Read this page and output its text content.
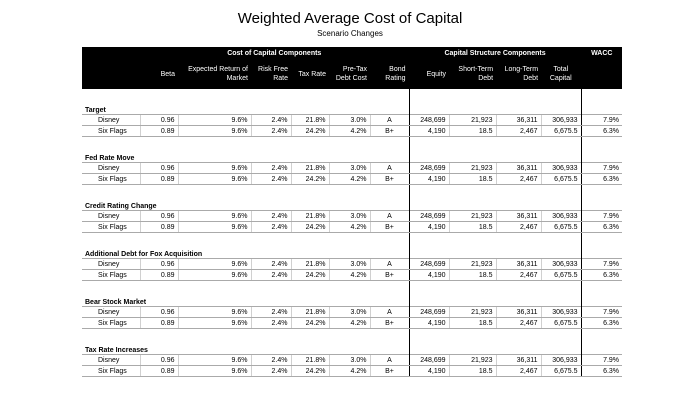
Weighted Average Cost of Capital
Scenario Changes
	Cost of Capital Components						Capital Structure Components				WACC
	Beta	Expected Return of Market	Risk Free Rate	Tax Rate	Pre-Tax Debt Cost	Bond Rating	Equity	Short-Term Debt	Long-Term Debt	Total Capital	

Target											
Disney	0.96	9.6%	2.4%	21.8%	3.0%	A	248,699	21,923	36,311	306,933	7.9%
Six Flags	0.89	9.6%	2.4%	24.2%	4.2%	B+	4,190	18.5	2,467	6,675.5	6.3%

Fed Rate Move											
Disney	0.96	9.6%	2.4%	21.8%	3.0%	A	248,699	21,923	36,311	306,933	7.9%
Six Flags	0.89	9.6%	2.4%	24.2%	4.2%	B+	4,190	18.5	2,467	6,675.5	6.3%

Credit Rating Change											
Disney	0.96	9.6%	2.4%	21.8%	3.0%	A	248,699	21,923	36,311	306,933	7.9%
Six Flags	0.89	9.6%	2.4%	24.2%	4.2%	B+	4,190	18.5	2,467	6,675.5	6.3%

Additional Debt for Fox Acquisition											
Disney	0.96	9.6%	2.4%	21.8%	3.0%	A	248,699	21,923	36,311	306,933	7.9%
Six Flags	0.89	9.6%	2.4%	24.2%	4.2%	B+	4,190	18.5	2,467	6,675.5	6.3%

Bear Stock Market											
Disney	0.96	9.6%	2.4%	21.8%	3.0%	A	248,699	21,923	36,311	306,933	7.9%
Six Flags	0.89	9.6%	2.4%	24.2%	4.2%	B+	4,190	18.5	2,467	6,675.5	6.3%

Tax Rate Increases											
Disney	0.96	9.6%	2.4%	21.8%	3.0%	A	248,699	21,923	36,311	306,933	7.9%
Six Flags	0.89	9.6%	2.4%	24.2%	4.2%	B+	4,190	18.5	2,467	6,675.5	6.3%
